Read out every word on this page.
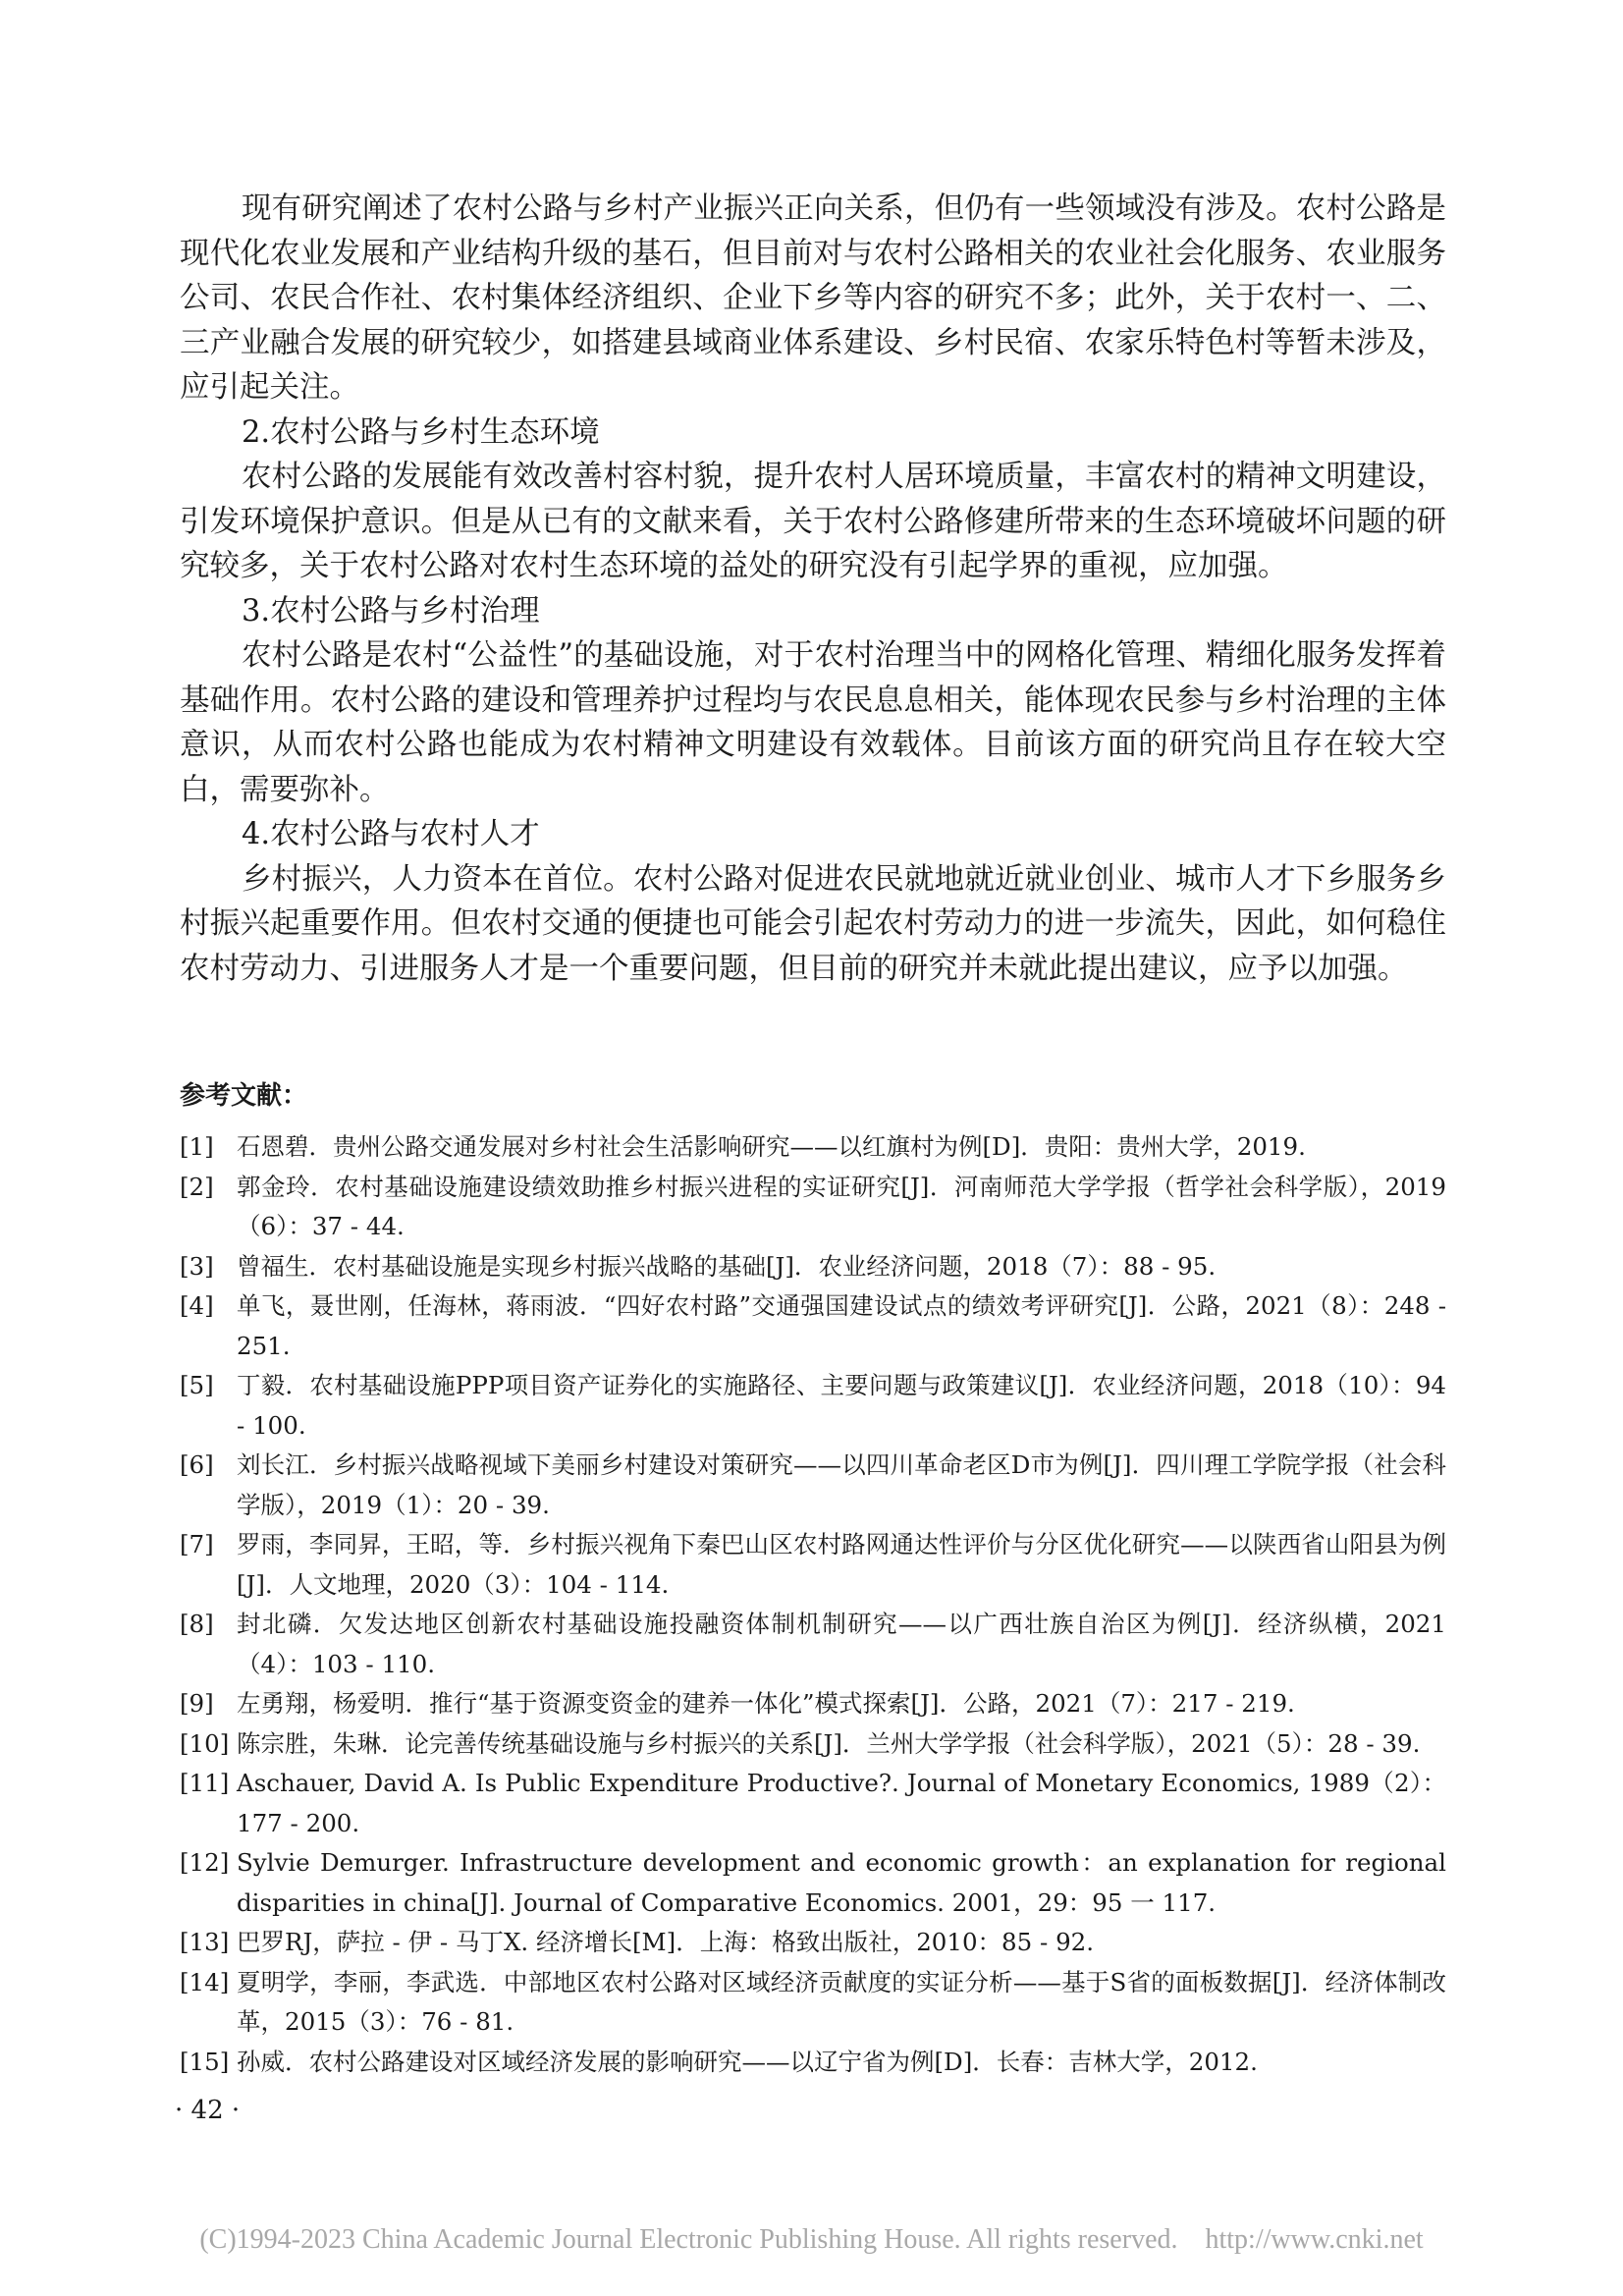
现有研究阐述了农村公路与乡村产业振兴正向关系，但仍有一些领域没有涉及。农村公路是现代化农业发展和产业结构升级的基石，但目前对与农村公路相关的农业社会化服务、农业服务公司、农民合作社、农村集体经济组织、企业下乡等内容的研究不多；此外，关于农村一、二、三产业融合发展的研究较少，如搭建县域商业体系建设、乡村民宿、农家乐特色村等暂未涉及，应引起关注。

2.农村公路与乡村生态环境

农村公路的发展能有效改善村容村貌，提升农村人居环境质量，丰富农村的精神文明建设，引发环境保护意识。但是从已有的文献来看，关于农村公路修建所带来的生态环境破坏问题的研究较多，关于农村公路对农村生态环境的益处的研究没有引起学界的重视，应加强。

3.农村公路与乡村治理

农村公路是农村“公益性”的基础设施，对于农村治理当中的网格化管理、精细化服务发挥着基础作用。农村公路的建设和管理养护过程均与农民息息相关，能体现农民参与乡村治理的主体意识，从而农村公路也能成为农村精神文明建设有效载体。目前该方面的研究尚且存在较大空白，需要弥补。

4.农村公路与农村人才

乡村振兴，人力资本在首位。农村公路对促进农民就地就近就业创业、城市人才下乡服务乡村振兴起重要作用。但农村交通的便捷也可能会引起农村劳动力的进一步流失，因此，如何稳住农村劳动力、引进服务人才是一个重要问题，但目前的研究并未就此提出建议，应予以加强。

参考文献：
[1] 石恩碧．贵州公路交通发展对乡村社会生活影响研究——以红旗村为例[D]．贵阳：贵州大学，2019.
[2] 郭金玲．农村基础设施建设绩效助推乡村振兴进程的实证研究[J]．河南师范大学学报（哲学社会科学版），2019（6）：37 - 44.
[3] 曾福生．农村基础设施是实现乡村振兴战略的基础[J]．农业经济问题，2018（7）：88 - 95.
[4] 单飞，聂世刚，任海林，蒋雨波．“四好农村路”交通强国建设试点的绩效考评研究[J]．公路，2021（8）：248 - 251.
[5] 丁毅．农村基础设施PPP项目资产证券化的实施路径、主要问题与政策建议[J]．农业经济问题，2018（10）：94 - 100.
[6] 刘长江．乡村振兴战略视域下美丽乡村建设对策研究——以四川革命老区D市为例[J]．四川理工学院学报（社会科学版），2019（1）：20 - 39.
[7] 罗雨，李同昇，王昭，等．乡村振兴视角下秦巴山区农村路网通达性评价与分区优化研究——以陕西省山阳县为例[J]．人文地理，2020（3）：104 - 114.
[8] 封北磷．欠发达地区创新农村基础设施投融资体制机制研究——以广西壮族自治区为例[J]．经济纵横，2021（4）：103 - 110.
[9] 左勇翔，杨爱明．推行“基于资源变资金的建养一体化”模式探索[J]．公路，2021（7）：217 - 219.
[10] 陈宗胜，朱琳．论完善传统基础设施与乡村振兴的关系[J]．兰州大学学报（社会科学版），2021（5）：28 - 39.
[11] Aschauer, David A. Is Public Expenditure Productive?. Journal of Monetary Economics, 1989（2）：177 - 200.
[12] Sylvie Demurger. Infrastructure development and economic growth：an explanation for regional disparities in china[J]. Journal of Comparative Economics. 2001，29：95 一 117.
[13] 巴罗RJ，萨拉 - 伊 - 马丁X. 经济增长[M]．上海：格致出版社，2010：85 - 92.
[14] 夏明学，李丽，李武选．中部地区农村公路对区域经济贡献度的实证分析——基于S省的面板数据[J]．经济体制改革，2015（3）：76 - 81.
[15] 孙威．农村公路建设对区域经济发展的影响研究——以辽宁省为例[D]．长春：吉林大学，2012.
· 42 ·
(C)1994-2023 China Academic Journal Electronic Publishing House. All rights reserved.    http://www.cnki.net
